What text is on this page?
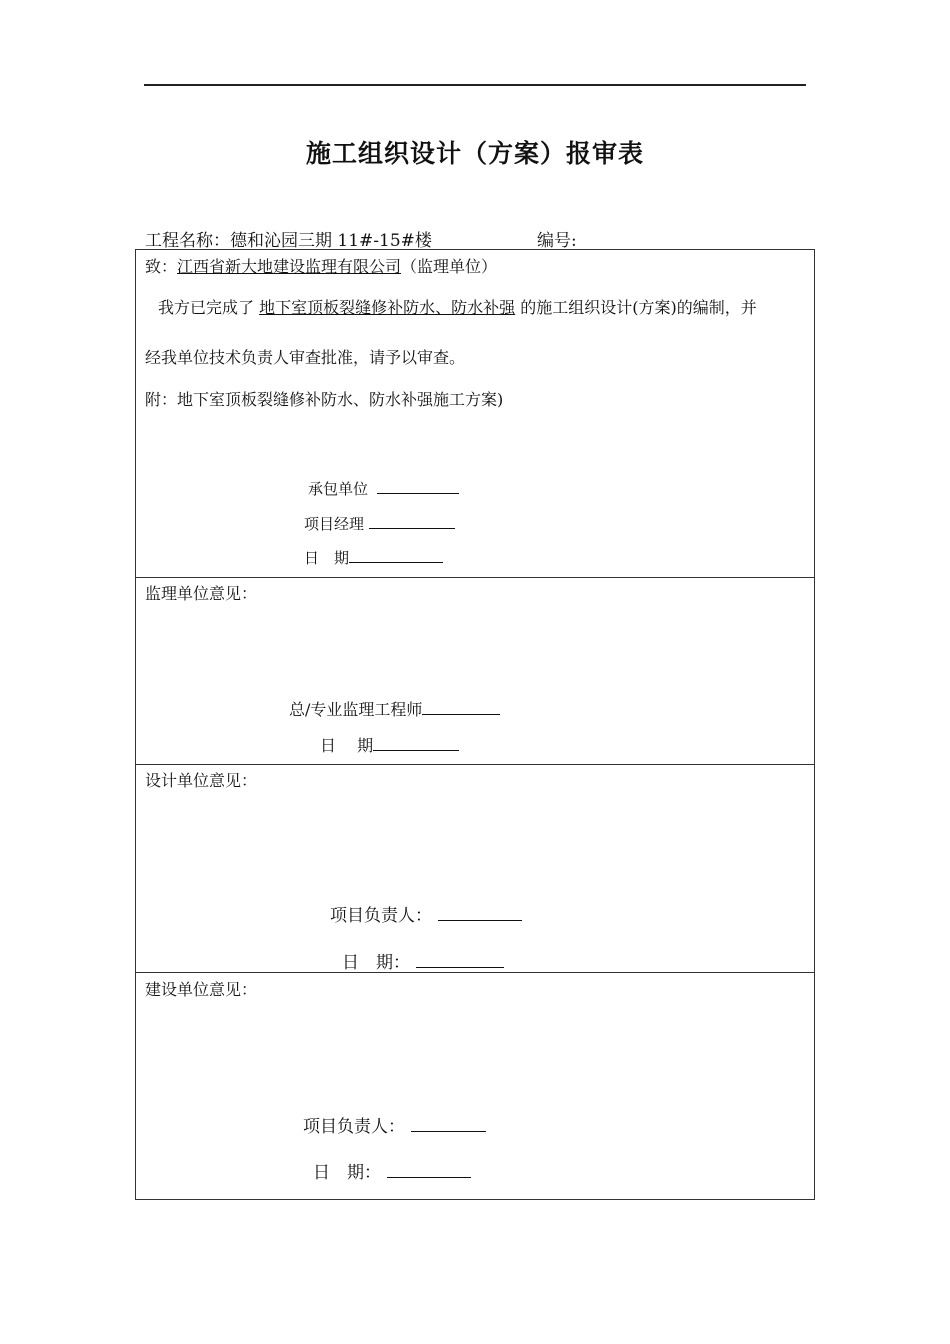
施工组织设计（方案）报审表
工程名称：德和沁园三期 11#-15#楼	编号:
致：江西省新大地建设监理有限公司（监理单位）
我方已完成了 地下室顶板裂缝修补防水、防水补强 的施工组织设计(方案)的编制，并
经我单位技术负责人审查批准，请予以审查。
附：地下室顶板裂缝修补防水、防水补强施工方案)
承包单位
项目经理
日　期
监理单位意见：
总/专业监理工程师
日　 期
设计单位意见：
项目负责人：
日　期：
建设单位意见：
项目负责人：
日　期：
